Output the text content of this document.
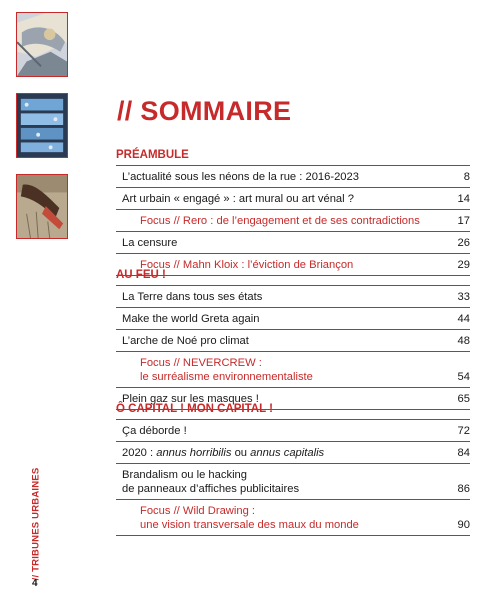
// TRIBUNES URBAINES
4
// SOMMAIRE
PRÉAMBULE
L’actualité sous les néons de la rue : 2016-2023	8
Art urbain « engagé » : art mural ou art vénal ?	14
Focus // Rero : de l’engagement et de ses contradictions	17
La censure	26
Focus // Mahn Kloix : l’éviction de Briançon	29
AU FEU !
La Terre dans tous ses états	33
Make the world Greta again	44
L’arche de Noé pro climat	48
Focus // NEVERCREW :
le surréalisme environnementaliste	54
Plein gaz sur les masques !	65
Ô CAPITAL ! MON CAPITAL !
Ça déborde !	72
2020 : annus horribilis ou annus capitalis	84
Brandalism ou le hacking
de panneaux d’affiches publicitaires	86
Focus // Wild Drawing :
une vision transversale des maux du monde	90
